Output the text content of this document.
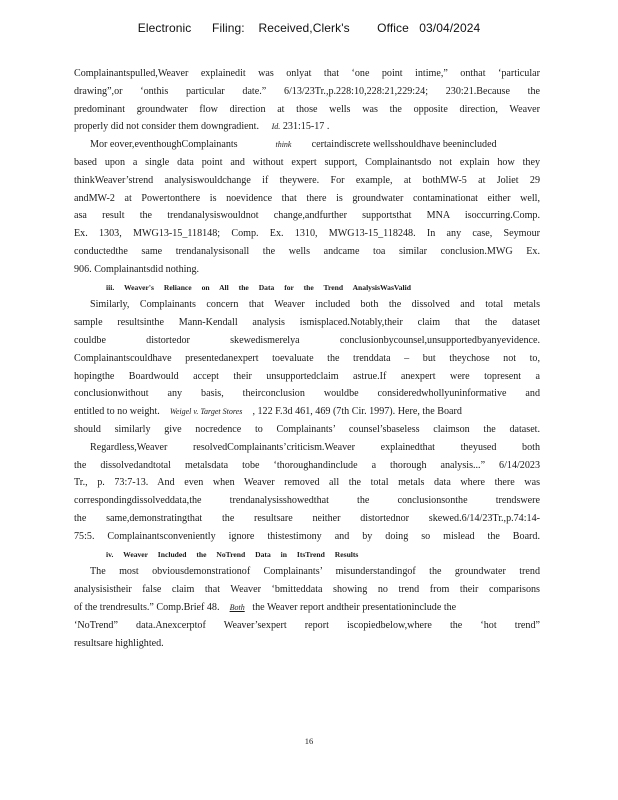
Electronic      Filing:    Received,Clerk's        Office   03/04/2024
Complainantspulled,Weaver explainedit was onlyat that ‘one point intime,” onthat ‘particular
drawing”,or ‘onthis particular date.” 6/13/23Tr.,p.228:10,228:21,229:24; 230:21.Because the
predominant groundwater flow direction at those wells was the opposite direction, Weaver
properly did not consider them downgradient. Id. 231:15-17 .
Mor eover,eventhoughComplainants	think certaindiscrete wellsshouldhave beenincluded
based upon a single data point and without expert support, Complainantsdo not explain how they
thinkWeaver’strend analysiswouldchange if theywere. For example, at bothMW-5 at Joliet 29
andMW-2 at Powertonthere is noevidence that there is groundwater contaminationat either well,
asa result the trendanalysiswouldnot change,andfurther supportsthat MNA isoccurring.Comp.
Ex. 1303, MWG13-15_118148; Comp. Ex. 1310, MWG13-15_118248. In any case, Seymour
conductedthe same trendanalysisonall the wells andcame toa similar conclusion.MWG Ex.
906. Complainantsdid nothing.
iii. Weaver's Reliance on All the Data for the Trend AnalysisWasValid
Similarly, Complainants concern that Weaver included both the dissolved and total metals
sample resultsinthe Mann-Kendall analysis ismisplaced.Notably,their claim that the dataset
couldbe distortedor skewedismerelya conclusionbycounsel,unsupportedbyanyevidence.
Complainantscouldhave presentedanexpert toevaluate the trenddata – but theychose not to,
hopingthe Boardwould accept their unsupportedclaim astrue.If anexpert were topresent a
conclusionwithout any basis, theirconclusion wouldbe consideredwhollyuninformative and
entitled to no weight. Weigel v. Target Stores , 122 F.3d 461, 469 (7th Cir. 1997). Here, the Board
should similarly give nocredence to Complainants’ counsel’sbaseless claimson the dataset.
Regardless,Weaver resolvedComplainants’criticism.Weaver explainedthat theyused both
the dissolvedandtotal metalsdata tobe ‘thoroughandinclude a thorough analysis...” 6/14/2023
Tr., p. 73:7-13. And even when Weaver removed all the total metals data where there was
correspondingdissolveddata,the trendanalysisshowedthat the conclusionsonthe trendswere
the same,demonstratingthat the resultsare neither distortednor skewed.6/14/23Tr.,p.74:14-
75:5. Complainantsconveniently ignore thistestimony and by doing so mislead the Board.
iv. Weaver Included the NoTrend Data in ItsTrend Results
The most obviousdemonstrationof Complainants’ misunderstandingof the groundwater trend
analysisistheir false claim that Weaver ‘bmitteddata showing no trend from their comparisons
of the trendresults.” Comp.Brief 48. Both the Weaver report andtheir presentationinclude the
‘NoTrend” data.Anexcerptof Weaver’sexpert report iscopiedbelow,where the ‘hot trend”
resultsare highlighted.
16
